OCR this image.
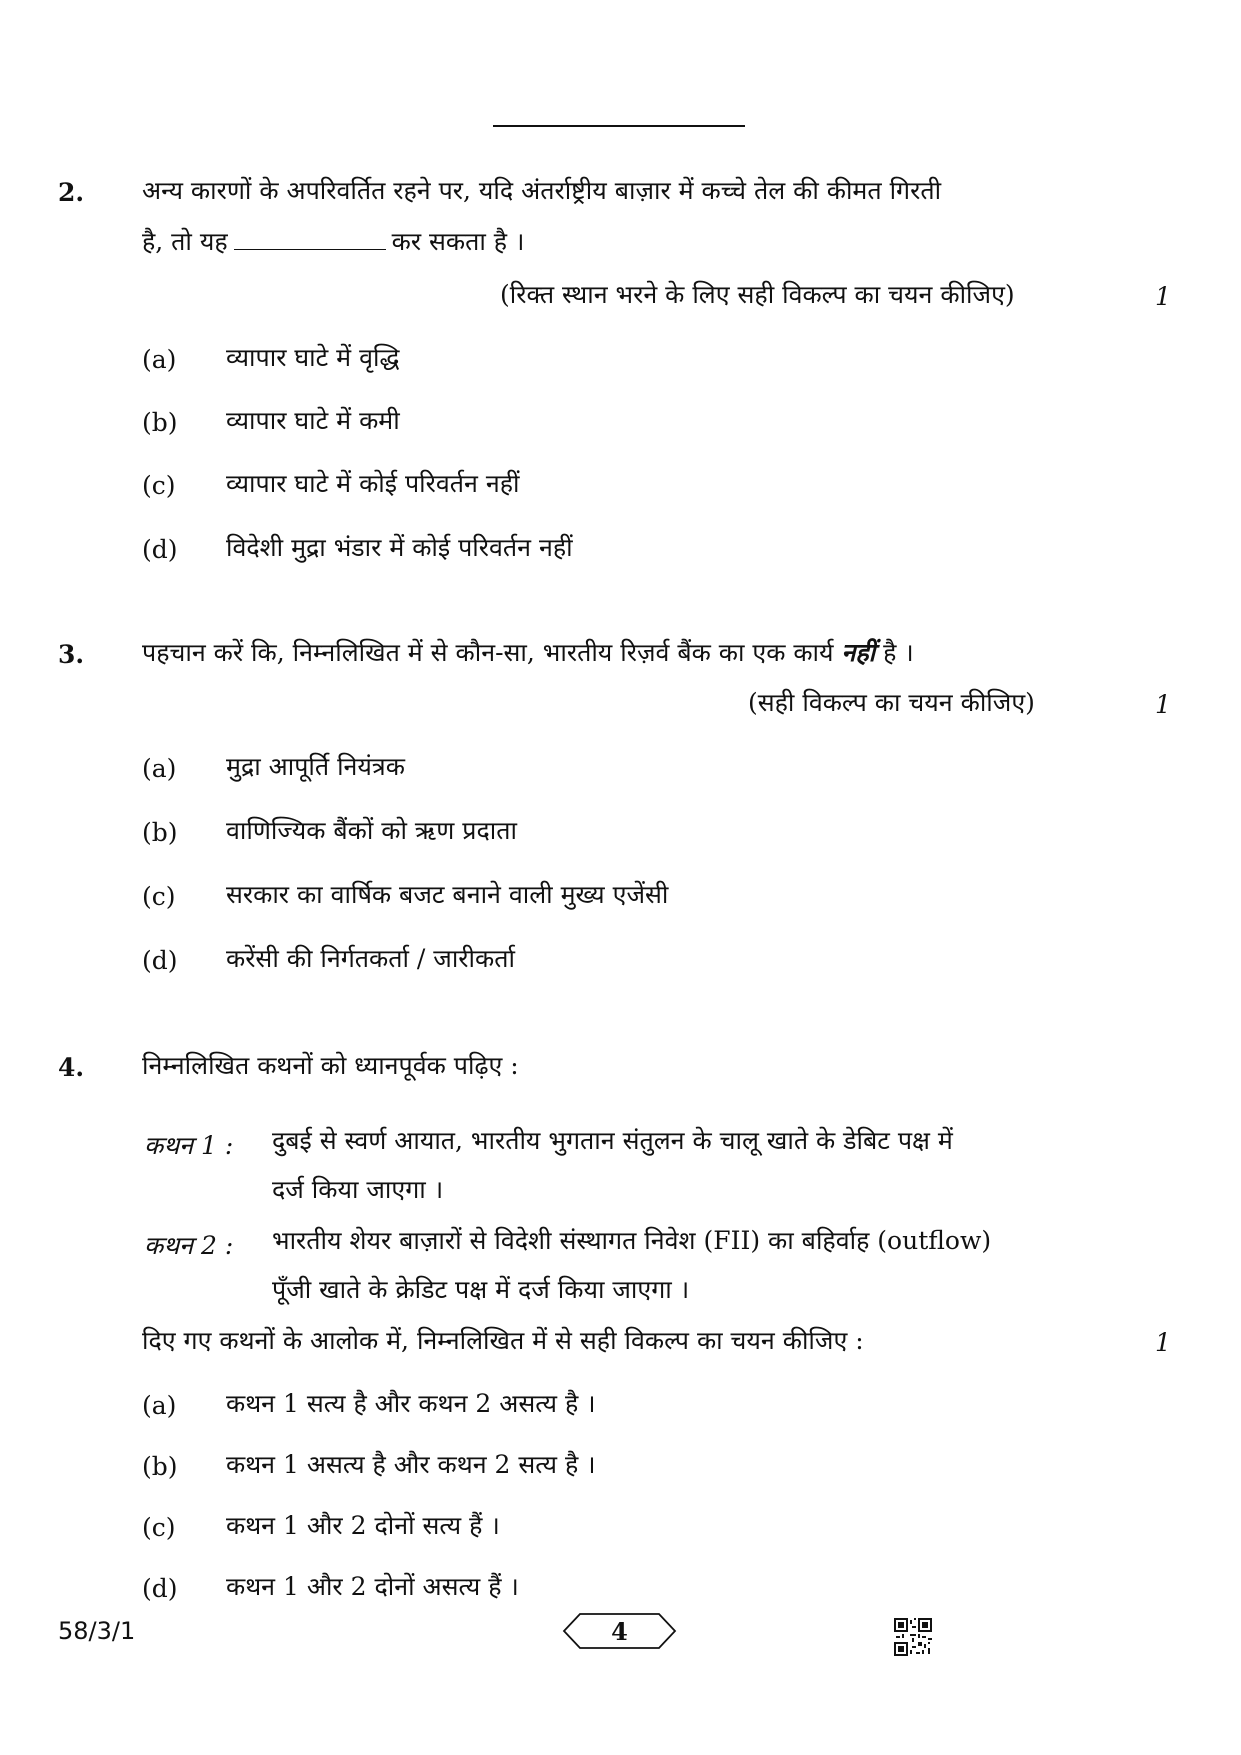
2. अन्य कारणों के अपरिवर्तित रहने पर, यदि अंतर्राष्ट्रीय बाज़ार में कच्चे तेल की कीमत गिरती
है, तो यह	कर सकता है ।
(रिक्त स्थान भरने के लिए सही विकल्प का चयन कीजिए)	1
(a) व्यापार घाटे में वृद्धि
(b) व्यापार घाटे में कमी
(c) व्यापार घाटे में कोई परिवर्तन नहीं
(d) विदेशी मुद्रा भंडार में कोई परिवर्तन नहीं
3. पहचान करें कि, निम्नलिखित में से कौन-सा, भारतीय रिज़र्व बैंक का एक कार्य नहीं है ।
(सही विकल्प का चयन कीजिए)	1
(a) मुद्रा आपूर्ति नियंत्रक
(b) वाणिज्यिक बैंकों को ऋण प्रदाता
(c) सरकार का वार्षिक बजट बनाने वाली मुख्य एजेंसी
(d) करेंसी की निर्गतकर्ता / जारीकर्ता
4. निम्नलिखित कथनों को ध्यानपूर्वक पढ़िए :
कथन 1 : दुबई से स्वर्ण आयात, भारतीय भुगतान संतुलन के चालू खाते के डेबिट पक्ष में
दर्ज किया जाएगा ।
कथन 2 : भारतीय शेयर बाज़ारों से विदेशी संस्थागत निवेश (FII) का बहिर्वाह (outflow)
पूँजी खाते के क्रेडिट पक्ष में दर्ज किया जाएगा ।
दिए गए कथनों के आलोक में, निम्नलिखित में से सही विकल्प का चयन कीजिए :	1
(a) कथन 1 सत्य है और कथन 2 असत्य है ।
(b) कथन 1 असत्य है और कथन 2 सत्य है ।
(c) कथन 1 और 2 दोनों सत्य हैं ।
(d) कथन 1 और 2 दोनों असत्य हैं ।
58/3/1	4
